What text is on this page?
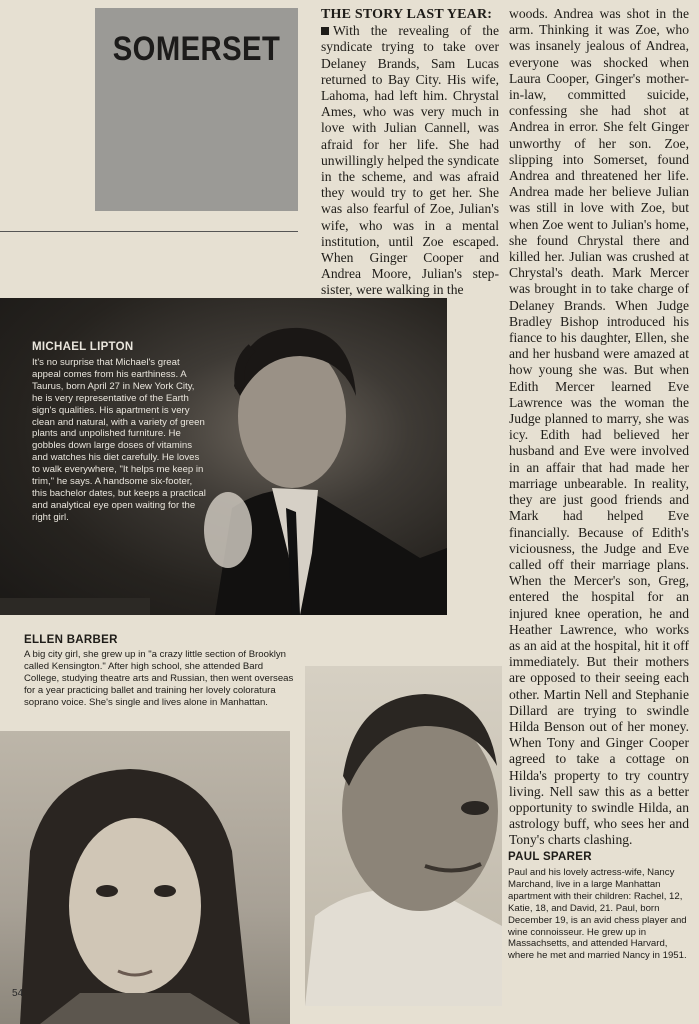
SOMERSET
THE STORY LAST YEAR:
With the revealing of the syndicate trying to take over Delaney Brands, Sam Lucas returned to Bay City. His wife, Lahoma, had left him. Chrystal Ames, who was very much in love with Julian Cannell, was afraid for her life. She had unwillingly helped the syndicate in the scheme, and was afraid they would try to get her. She was also fearful of Zoe, Julian's wife, who was in a mental institution, until Zoe escaped. When Ginger Cooper and Andrea Moore, Julian's step-sister, were walking in the
woods. Andrea was shot in the arm. Thinking it was Zoe, who was insanely jealous of Andrea, everyone was shocked when Laura Cooper, Ginger's mother-in-law, committed suicide, confessing she had shot at Andrea in error. She felt Ginger unworthy of her son. Zoe, slipping into Somerset, found Andrea and threatened her life. Andrea made her believe Julian was still in love with Zoe, but when Zoe went to Julian's home, she found Chrystal there and killed her. Julian was crushed at Chrystal's death. Mark Mercer was brought in to take charge of Delaney Brands. When Judge Bradley Bishop introduced his fiance to his daughter, Ellen, she and her husband were amazed at how young she was. But when Edith Mercer learned Eve Lawrence was the woman the Judge planned to marry, she was icy. Edith had believed her husband and Eve were involved in an affair that had made her marriage unbearable. In reality, they are just good friends and Mark had helped Eve financially. Because of Edith's viciousness, the Judge and Eve called off their marriage plans. When the Mercer's son, Greg, entered the hospital for an injured knee operation, he and Heather Lawrence, who works as an aid at the hospital, hit it off immediately. But their mothers are opposed to their seeing each other. Martin Nell and Stephanie Dillard are trying to swindle Hilda Benson out of her money. When Tony and Ginger Cooper agreed to take a cottage on Hilda's property to try country living. Nell saw this as a better opportunity to swindle Hilda, an astrology buff, who sees her and Tony's charts clashing.
MICHAEL LIPTON
It's no surprise that Michael's great appeal comes from his earthiness. A Taurus, born April 27 in New York City, he is very representative of the Earth sign's qualities. His apartment is very clean and natural, with a variety of green plants and unpolished furniture. He gobbles down large doses of vitamins and watches his diet carefully. He loves to walk everywhere, "It helps me keep in trim," he says. A handsome six-footer, this bachelor dates, but keeps a practical and analytical eye open waiting for the right girl.
ELLEN BARBER
A big city girl, she grew up in "a crazy little section of Brooklyn called Kensington." After high school, she attended Bard College, studying theatre arts and Russian, then went overseas for a year practicing ballet and training her lovely coloratura soprano voice. She's single and lives alone in Manhattan.
PAUL SPARER
Paul and his lovely actress-wife, Nancy Marchand, live in a large Manhattan apartment with their children: Rachel, 12, Katie, 18, and David, 21. Paul, born December 19, is an avid chess player and wine connoisseur. He grew up in Massachsetts, and attended Harvard, where he met and married Nancy in 1951.
54
